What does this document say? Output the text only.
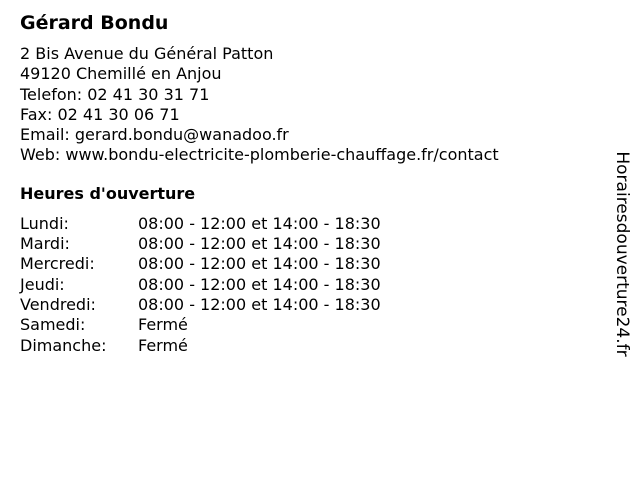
Gérard Bondu
2 Bis Avenue du Général Patton
49120 Chemillé en Anjou
Telefon: 02 41 30 31 71
Fax: 02 41 30 06 71
Email: gerard.bondu@wanadoo.fr
Web: www.bondu-electricite-plomberie-chauffage.fr/contact
Heures d'ouverture
Lundi:	08:00 - 12:00 et 14:00 - 18:30
Mardi:	08:00 - 12:00 et 14:00 - 18:30
Mercredi:	08:00 - 12:00 et 14:00 - 18:30
Jeudi:	08:00 - 12:00 et 14:00 - 18:30
Vendredi:	08:00 - 12:00 et 14:00 - 18:30
Samedi:	Fermé
Dimanche:	Fermé	Horairesdouverture24.fr
